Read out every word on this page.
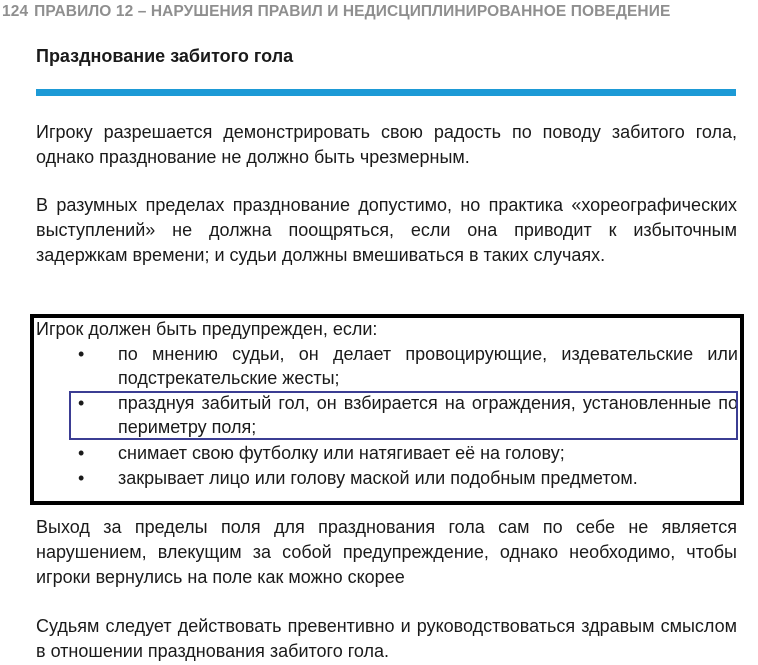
124 ПРАВИЛО 12 – НАРУШЕНИЯ ПРАВИЛ И НЕДИСЦИПЛИНИРОВАННОЕ ПОВЕДЕНИЕ
Празднование забитого гола
Игроку разрешается демонстрировать свою радость по поводу забитого гола, однако празднование не должно быть чрезмерным.
В разумных пределах празднование допустимо, но практика «хореографических выступлений» не должна поощряться, если она приводит к избыточным задержкам времени; и судьи должны вмешиваться в таких случаях.
Игрок должен быть предупрежден, если:
• по мнению судьи, он делает провоцирующие, издевательские или подстрекательские жесты;
• празднуя забитый гол, он взбирается на ограждения, установленные по периметру поля;
• снимает свою футболку или натягивает её на голову;
• закрывает лицо или голову маской или подобным предметом.
Выход за пределы поля для празднования гола сам по себе не является нарушением, влекущим за собой предупреждение, однако необходимо, чтобы игроки вернулись на поле как можно скорее
Судьям следует действовать превентивно и руководствоваться здравым смыслом в отношении празднования забитого гола.
